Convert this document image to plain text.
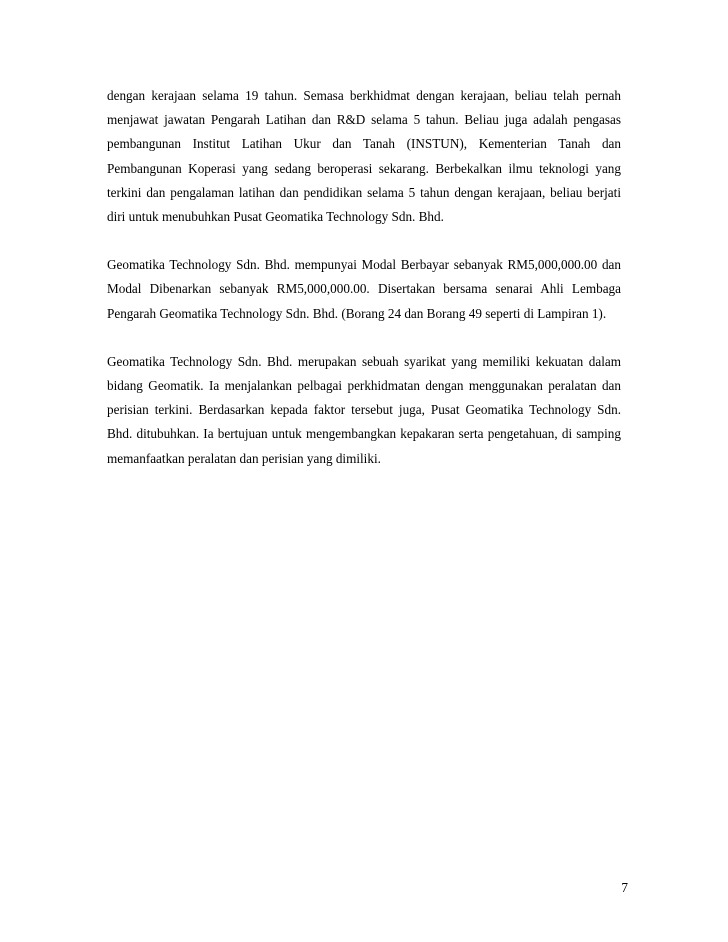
dengan kerajaan selama 19 tahun. Semasa berkhidmat dengan kerajaan, beliau telah pernah menjawat jawatan Pengarah Latihan dan R&D selama 5 tahun. Beliau juga adalah pengasas pembangunan Institut Latihan Ukur dan Tanah (INSTUN), Kementerian Tanah dan Pembangunan Koperasi yang sedang beroperasi sekarang. Berbekalkan ilmu teknologi yang terkini dan pengalaman latihan dan pendidikan selama 5 tahun dengan kerajaan, beliau berjati diri untuk menubuhkan Pusat Geomatika Technology Sdn. Bhd.

Geomatika Technology Sdn. Bhd. mempunyai Modal Berbayar sebanyak RM5,000,000.00 dan Modal Dibenarkan sebanyak RM5,000,000.00. Disertakan bersama senarai Ahli Lembaga Pengarah Geomatika Technology Sdn. Bhd. (Borang 24 dan Borang 49 seperti di Lampiran 1).

Geomatika Technology Sdn. Bhd. merupakan sebuah syarikat yang memiliki kekuatan dalam bidang Geomatik. Ia menjalankan pelbagai perkhidmatan dengan menggunakan peralatan dan perisian terkini. Berdasarkan kepada faktor tersebut juga, Pusat Geomatika Technology Sdn. Bhd. ditubuhkan. Ia bertujuan untuk mengembangkan kepakaran serta pengetahuan, di samping memanfaatkan peralatan dan perisian yang dimiliki.

7
